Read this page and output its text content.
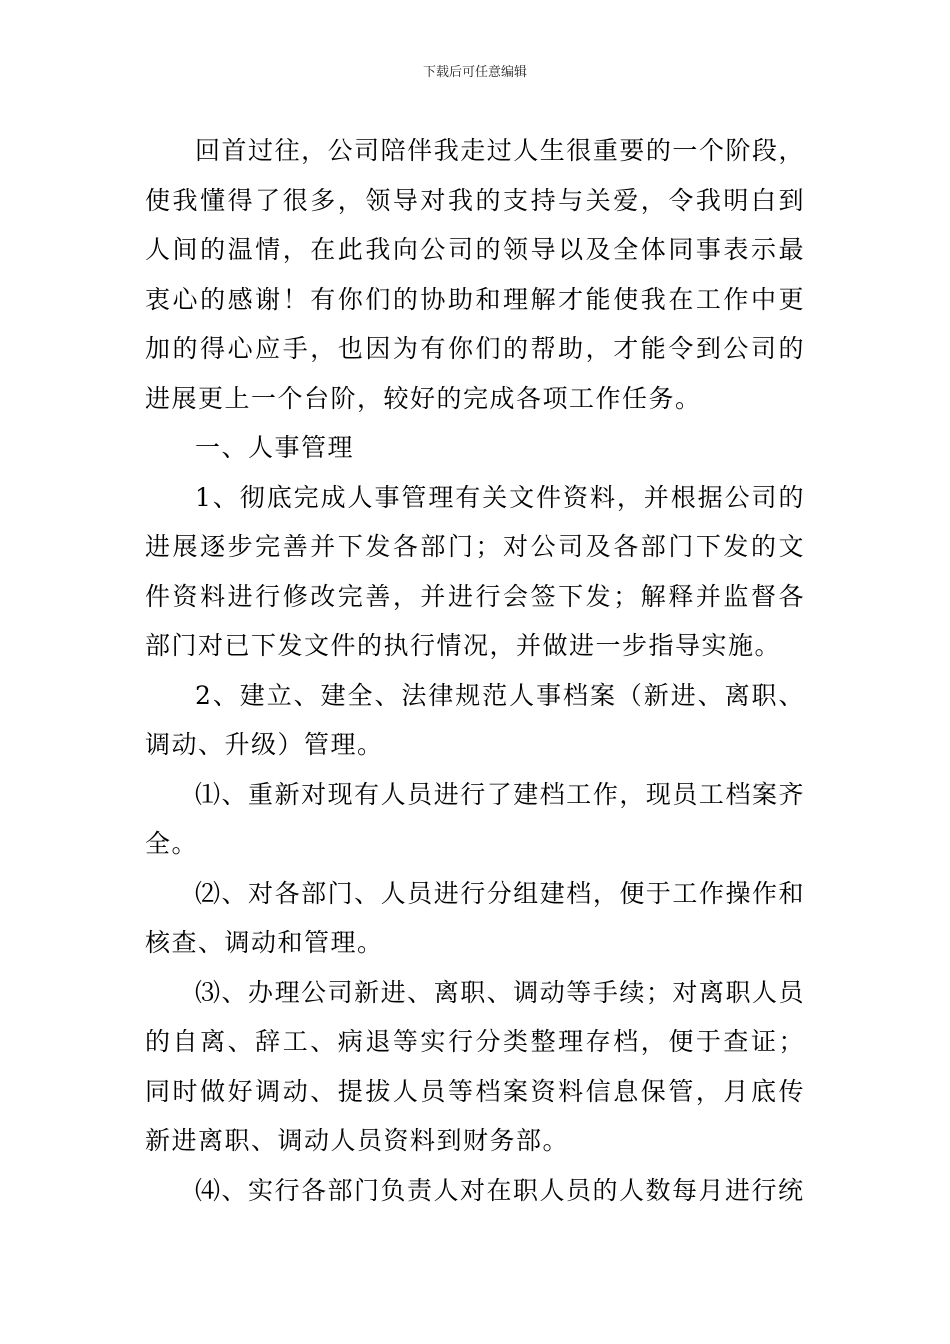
下载后可任意编辑

回首过往，公司陪伴我走过人生很重要的一个阶段，使我懂得了很多，领导对我的支持与关爱，令我明白到人间的温情，在此我向公司的领导以及全体同事表示最衷心的感谢！有你们的协助和理解才能使我在工作中更加的得心应手，也因为有你们的帮助，才能令到公司的进展更上一个台阶，较好的完成各项工作任务。

一、人事管理

1、彻底完成人事管理有关文件资料，并根据公司的进展逐步完善并下发各部门；对公司及各部门下发的文件资料进行修改完善，并进行会签下发；解释并监督各部门对已下发文件的执行情况，并做进一步指导实施。

2、建立、建全、法律规范人事档案（新进、离职、调动、升级）管理。

⑴、重新对现有人员进行了建档工作，现员工档案齐全。

⑵、对各部门、人员进行分组建档，便于工作操作和核查、调动和管理。

⑶、办理公司新进、离职、调动等手续；对离职人员的自离、辞工、病退等实行分类整理存档，便于查证；同时做好调动、提拔人员等档案资料信息保管，月底传新进离职、调动人员资料到财务部。

⑷、实行各部门负责人对在职人员的人数每月进行统
